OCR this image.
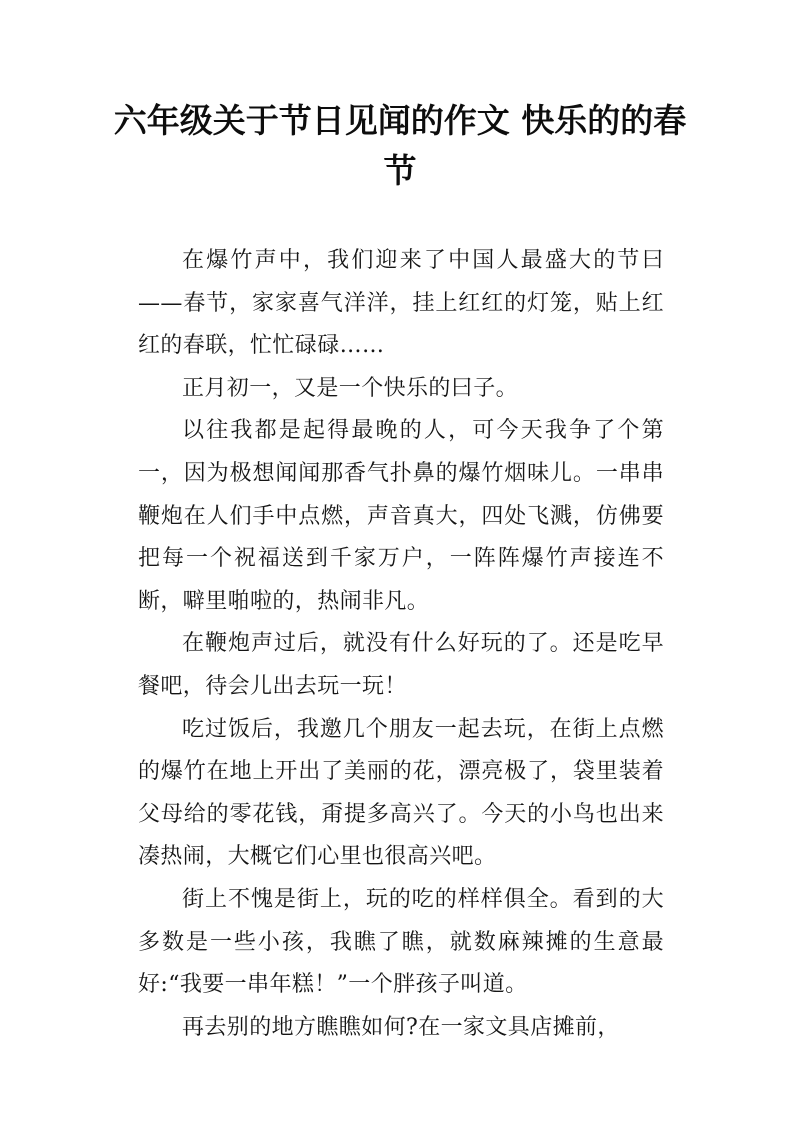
六年级关于节日见闻的作文 快乐的的春节

在爆竹声中，我们迎来了中国人最盛大的节曰——春节，家家喜气洋洋，挂上红红的灯笼，贴上红红的春联，忙忙碌碌……

正月初一，又是一个快乐的曰子。

以往我都是起得最晚的人，可今天我争了个第一，因为极想闻闻那香气扑鼻的爆竹烟味儿。一串串鞭炮在人们手中点燃，声音真大，四处飞溅，仿佛要把每一个祝福送到千家万户，一阵阵爆竹声接连不断，噼里啪啦的，热闹非凡。

在鞭炮声过后，就没有什么好玩的了。还是吃早餐吧，待会儿出去玩一玩！

吃过饭后，我邀几个朋友一起去玩，在街上点燃的爆竹在地上开出了美丽的花，漂亮极了，袋里装着父母给的零花钱，甭提多高兴了。今天的小鸟也出来凑热闹，大概它们心里也很高兴吧。

街上不愧是街上，玩的吃的样样俱全。看到的大多数是一些小孩，我瞧了瞧，就数麻辣摊的生意最好:“我要一串年糕！”一个胖孩子叫道。

再去别的地方瞧瞧如何?在一家文具店摊前，
